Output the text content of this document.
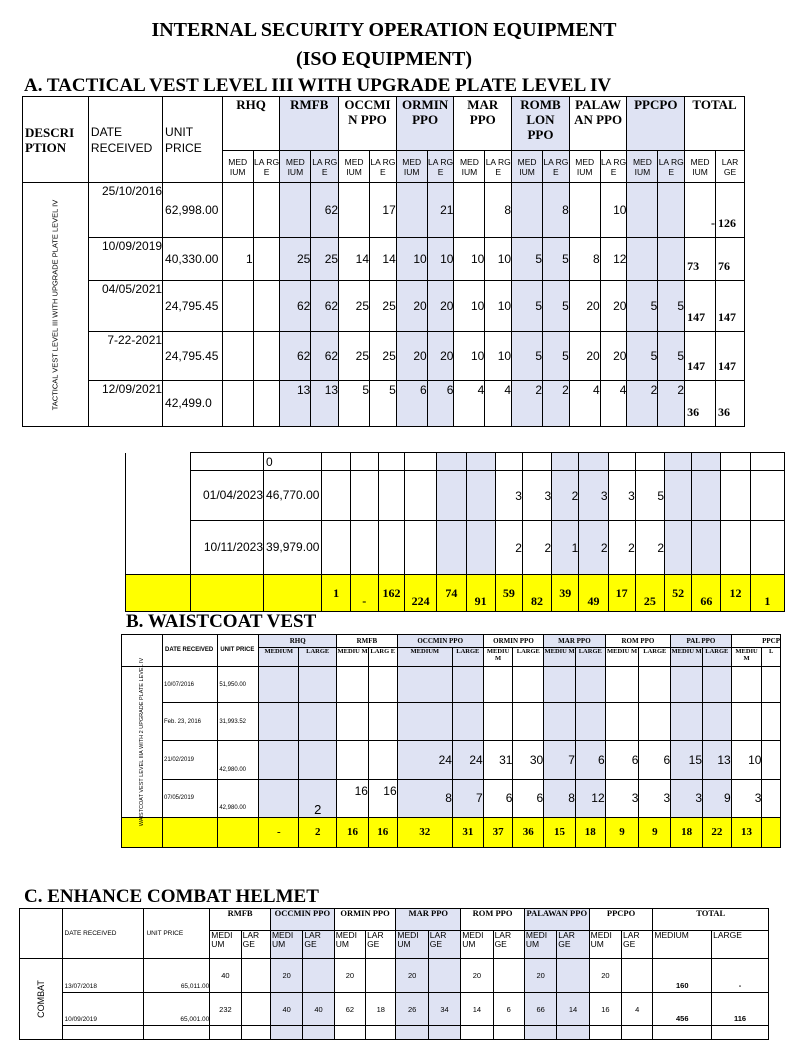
INTERNAL SECURITY OPERATION EQUIPMENT
(ISO EQUIPMENT)
A. TACTICAL VEST LEVEL III WITH UPGRADE PLATE LEVEL IV
DESCRI PTION	DATE RECEIVED	UNIT PRICE	RHQ		RMFB		OCCMI N PPO		ORMIN PPO		MAR PPO		ROMB LON PPO		PALAW AN PPO		PPCPO		TOTAL	
			MED IUM	LA RG E	MED IUM	LA RG E	MED IUM	LA RG E	MED IUM	LA RG E	MED IUM	LA RG E	MED IUM	LA RG E	MED IUM	LA RG E	MED IUM	LA RG E	MED IUM	LAR GE

TACTICAL VEST LEVEL III WITH UPGRADE PLATE LEVEL IV	25/10/2016	62,998.00				62		17		21		8		8		10			-	126
	10/09/2019	40,330.00	1		25	25	14	14	10	10	10	10	5	5	8	12			73	76
	04/05/2021	24,795.45			62	62	25	25	20	20	10	10	5	5	20	20	5	5	147	147
	7-22-2021	24,795.45			62	62	25	25	20	20	10	10	5	5	20	20	5	5	147	147
	12/09/2021	42,499.0			13	13	5	5	6	6	4	4	2	2	4	4	2	2	36	36
		0																
	01/04/2023	46,770.00							3	3	2	3	3	5				
	10/11/2023	39,979.00							2	2	1	2	2	2				
			1	-	162	224	74	91	59	82	39	49	17	25	52	66	12	1
B. WAISTCOAT VEST
	DATE RECEIVED	UNIT PRICE	RHQ		RMFB		OCCMIN PPO		ORMIN PPO		MAR PPO		ROM PPO		PAL PPO		PPCP	
			MEDIUM	LARGE	MEDIU M	LARG E	MEDIUM	LARGE	MEDIU M	LARGE	MEDIU M	LARGE	MEDIU M	LARGE	MEDIU M	LARGE	MEDIU M	L

WAISTCOAT VEST LEVEL IIIA WITH 2 UPGRADE PLATE LEVEL IV	10/07/2016	51,950.00																
	Feb. 23, 2016	31,993.52																
	21/02/2019	42,980.00					24	24	31	30	7	6	6	6	15	13	10	
	07/05/2019	42,980.00		2	16	16	8	7	6	6	8	12	3	3	3	9	3	
			-	2	16	16	32	31	37	36	15	18	9	9	18	22	13	
C. ENHANCE COMBAT HELMET
	DATE RECEIVED	UNIT PRICE	RMFB		OCCMIN PPO		ORMIN PPO		MAR PPO		ROM PPO		PALAWAN PPO		PPCPO		TOTAL	
			MEDI UM	LAR GE	MEDI UM	LAR GE	MEDI UM	LAR GE	MEDI UM	LAR GE	MEDI UM	LAR GE	MEDI UM	LAR GE	MEDI UM	LAR GE	MEDIUM	LARGE

COMBAT	13/07/2018	65,011.00	40		20		20		20		20		20		20		160	-
	10/09/2019	65,001.00	232		40	40	62	18	26	34	14	6	66	14	16	4	456	116
